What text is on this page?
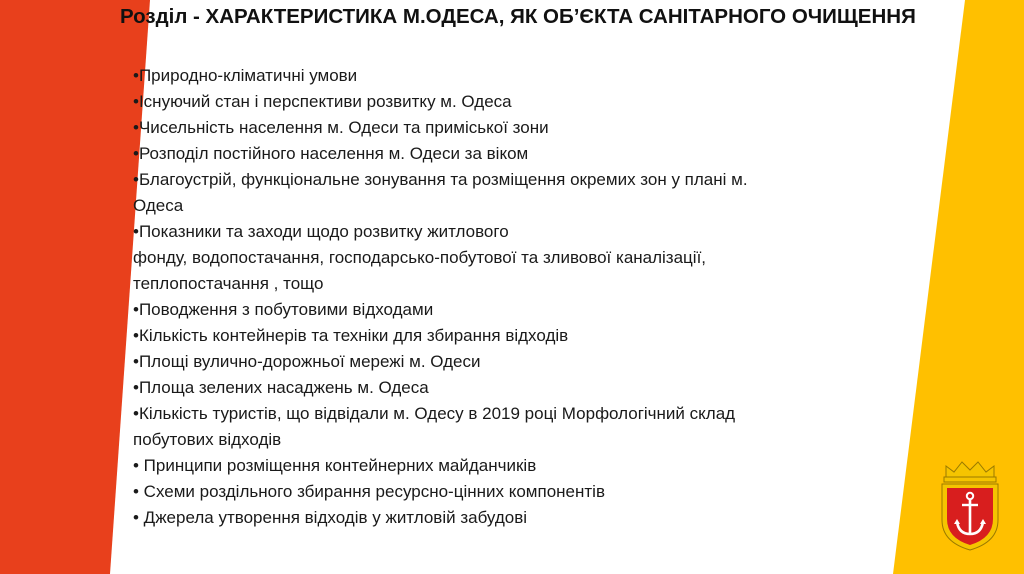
Розділ - ХАРАКТЕРИСТИКА М.ОДЕСА, ЯК ОБ’ЄКТА САНІТАРНОГО ОЧИЩЕННЯ
•Природно-кліматичні умови
•Існуючий стан і перспективи розвитку м. Одеса
•Чисельність населення м. Одеси та приміської зони
•Розподіл постійного населення м. Одеси за віком
•Благоустрій, функціональне зонування та розміщення окремих зон у плані м.
Одеса
•Показники та заходи щодо розвитку житлового
фонду, водопостачання, господарсько-побутової та зливової каналізації,
теплопостачання , тощо
•Поводження з побутовими відходами
•Кількість контейнерів та техніки для збирання відходів
•Площі вулично-дорожньої мережі м. Одеси
•Площа зелених насаджень м. Одеса
•Кількість туристів, що відвідали м. Одесу в 2019 році Морфологічний склад
побутових відходів
• Принципи розміщення контейнерних майданчиків
• Схеми роздільного збирання ресурсно-цінних компонентів
• Джерела утворення відходів у житловій забудові
